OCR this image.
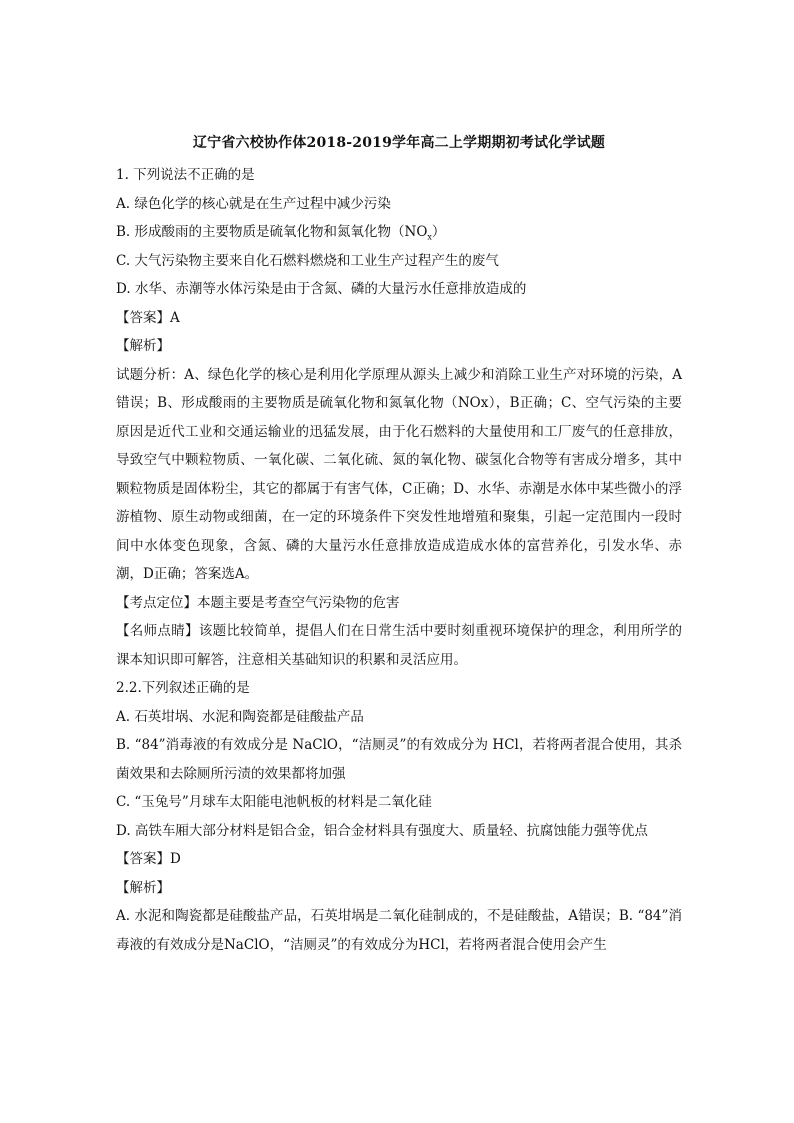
辽宁省六校协作体2018-2019学年高二上学期期初考试化学试题
1. 下列说法不正确的是
A. 绿色化学的核心就是在生产过程中减少污染
B. 形成酸雨的主要物质是硫氧化物和氮氧化物$(NO_x)$
C. 大气污染物主要来自化石燃料燃烧和工业生产过程产生的废气
D. 水华、赤潮等水体污染是由于含氮、磷的大量污水任意排放造成的
【答案】A
【解析】
试题分析：A、绿色化学的核心是利用化学原理从源头上减少和消除工业生产对环境的污染，A错误；B、形成酸雨的主要物质是硫氧化物和氮氧化物（NOx），B正确；C、空气污染的主要原因是近代工业和交通运输业的迅猛发展，由于化石燃料的大量使用和工厂废气的任意排放，导致空气中颗粒物质、一氧化碳、二氧化硫、氮的氧化物、碳氢化合物等有害成分增多，其中颗粒物质是固体粉尘，其它的都属于有害气体，C正确；D、水华、赤潮是水体中某些微小的浮游植物、原生动物或细菌，在一定的环境条件下突发性地增殖和聚集，引起一定范围内一段时间中水体变色现象，含氮、磷的大量污水任意排放造成造成水体的富营养化，引发水华、赤潮，D正确；答案选A。
【考点定位】本题主要是考查空气污染物的危害
【名师点睛】该题比较简单，提倡人们在日常生活中要时刻重视环境保护的理念，利用所学的课本知识即可解答，注意相关基础知识的积累和灵活应用。
2.2.下列叙述正确的是
A. 石英坩埚、水泥和陶瓷都是硅酸盐产品
B. “84”消毒液的有效成分是 NaClO，“洁厕灵”的有效成分为 HCl，若将两者混合使用，其杀菌效果和去除厕所污渍的效果都将加强
C. “玉兔号”月球车太阳能电池帆板的材料是二氧化硅
D. 高铁车厢大部分材料是铝合金，铝合金材料具有强度大、质量轻、抗腐蚀能力强等优点
【答案】D
【解析】
A. 水泥和陶瓷都是硅酸盐产品，石英坩埚是二氧化硅制成的，不是硅酸盐，A错误；B. “84”消毒液的有效成分是NaClO，“洁厕灵”的有效成分为HCl，若将两者混合使用会产生
